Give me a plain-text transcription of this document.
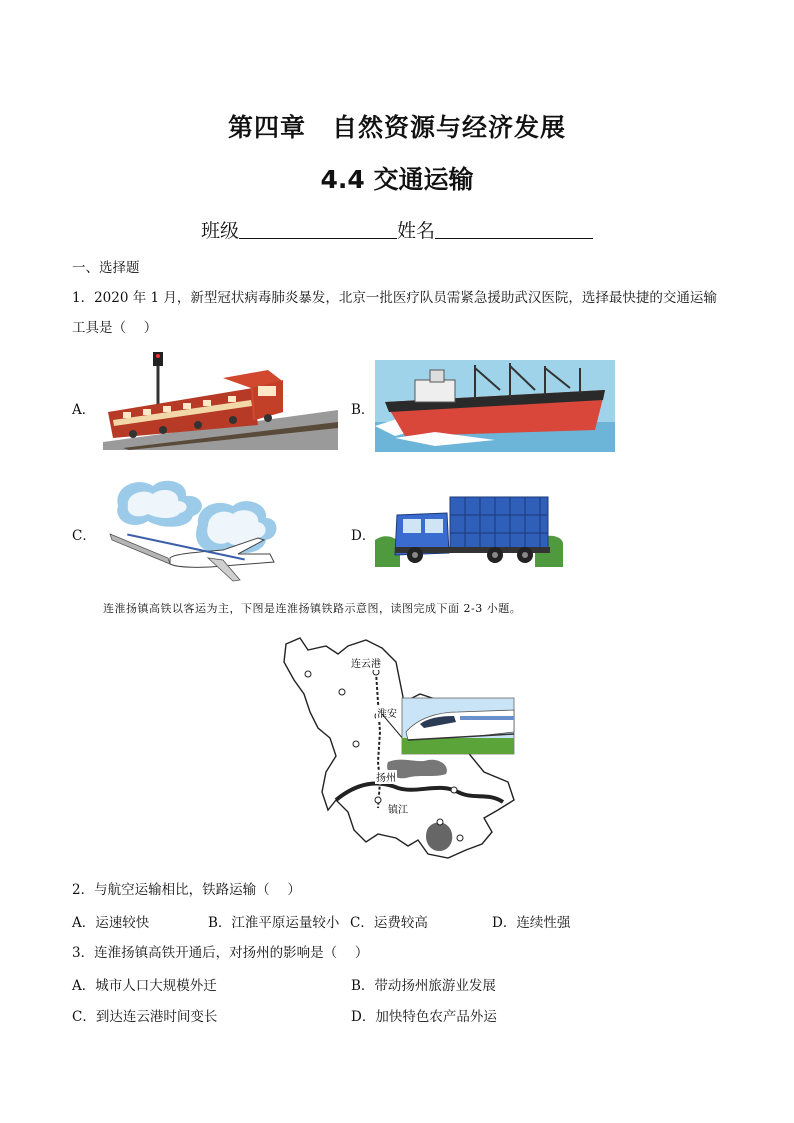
第四章　自然资源与经济发展
4.4 交通运输
班级	姓名
一、选择题
1．2020 年 1 月，新型冠状病毒肺炎暴发，北京一批医疗队员需紧急援助武汉医院，选择最快捷的交通运输
工具是（　 ）
A．	B．
C．	D．
连淮扬镇高铁以客运为主，下图是连淮扬镇铁路示意图，读图完成下面 2-3 小题。
连云港
淮安
扬州
镇江
2．与航空运输相比，铁路运输（　 ）
A．运速较快	B．江淮平原运量较小 C．运费较高	D．连续性强
3．连淮扬镇高铁开通后，对扬州的影响是（　 ）
A．城市人口大规模外迁	B．带动扬州旅游业发展
C．到达连云港时间变长	D．加快特色农产品外运
